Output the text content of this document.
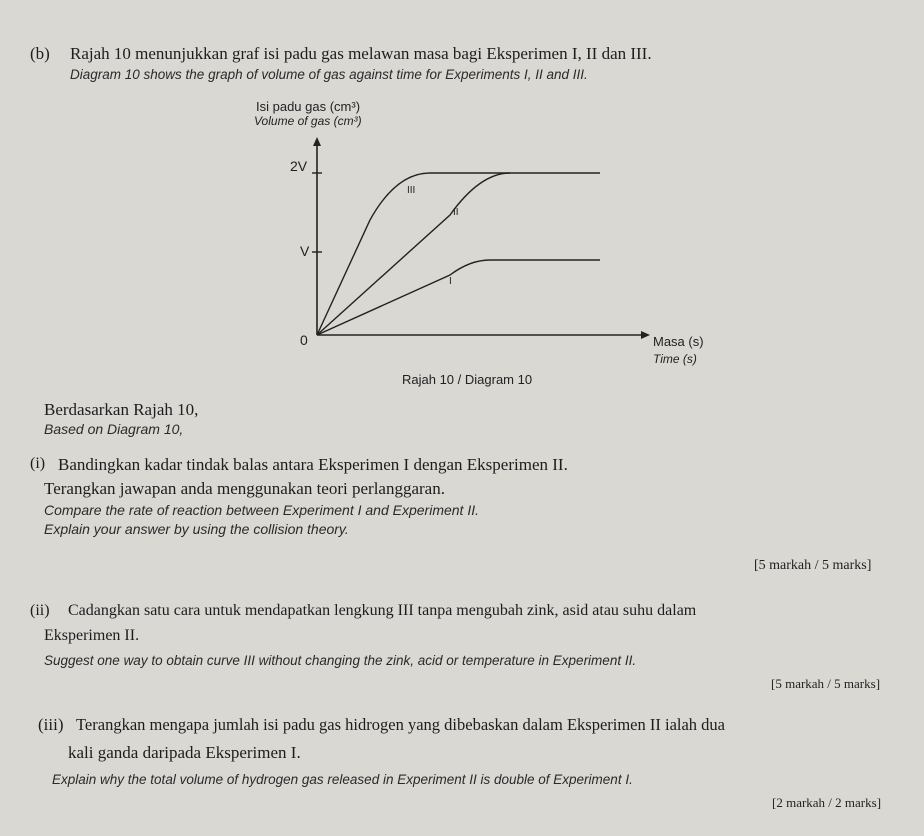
(b) Rajah 10 menunjukkan graf isi padu gas melawan masa bagi Eksperimen I, II dan III.
Diagram 10 shows the graph of volume of gas against time for Experiments I, II and III.
Isi padu gas (cm³)
Volume of gas (cm³)
2V
V
0
III
II
I
Masa (s)
Time (s)
Rajah 10 / Diagram 10
Berdasarkan Rajah 10,
Based on Diagram 10,
(i) Bandingkan kadar tindak balas antara Eksperimen I dengan Eksperimen II.
Terangkan jawapan anda menggunakan teori perlanggaran.
Compare the rate of reaction between Experiment I and Experiment II.
Explain your answer by using the collision theory.
[5 markah / 5 marks]
(ii) Cadangkan satu cara untuk mendapatkan lengkung III tanpa mengubah zink, asid atau suhu dalam
Eksperimen II.
Suggest one way to obtain curve III without changing the zink, acid or temperature in Experiment II.
[5 markah / 5 marks]
(iii) Terangkan mengapa jumlah isi padu gas hidrogen yang dibebaskan dalam Eksperimen II ialah dua
kali ganda daripada Eksperimen I.
Explain why the total volume of hydrogen gas released in Experiment II is double of Experiment I.
[2 markah / 2 marks]
